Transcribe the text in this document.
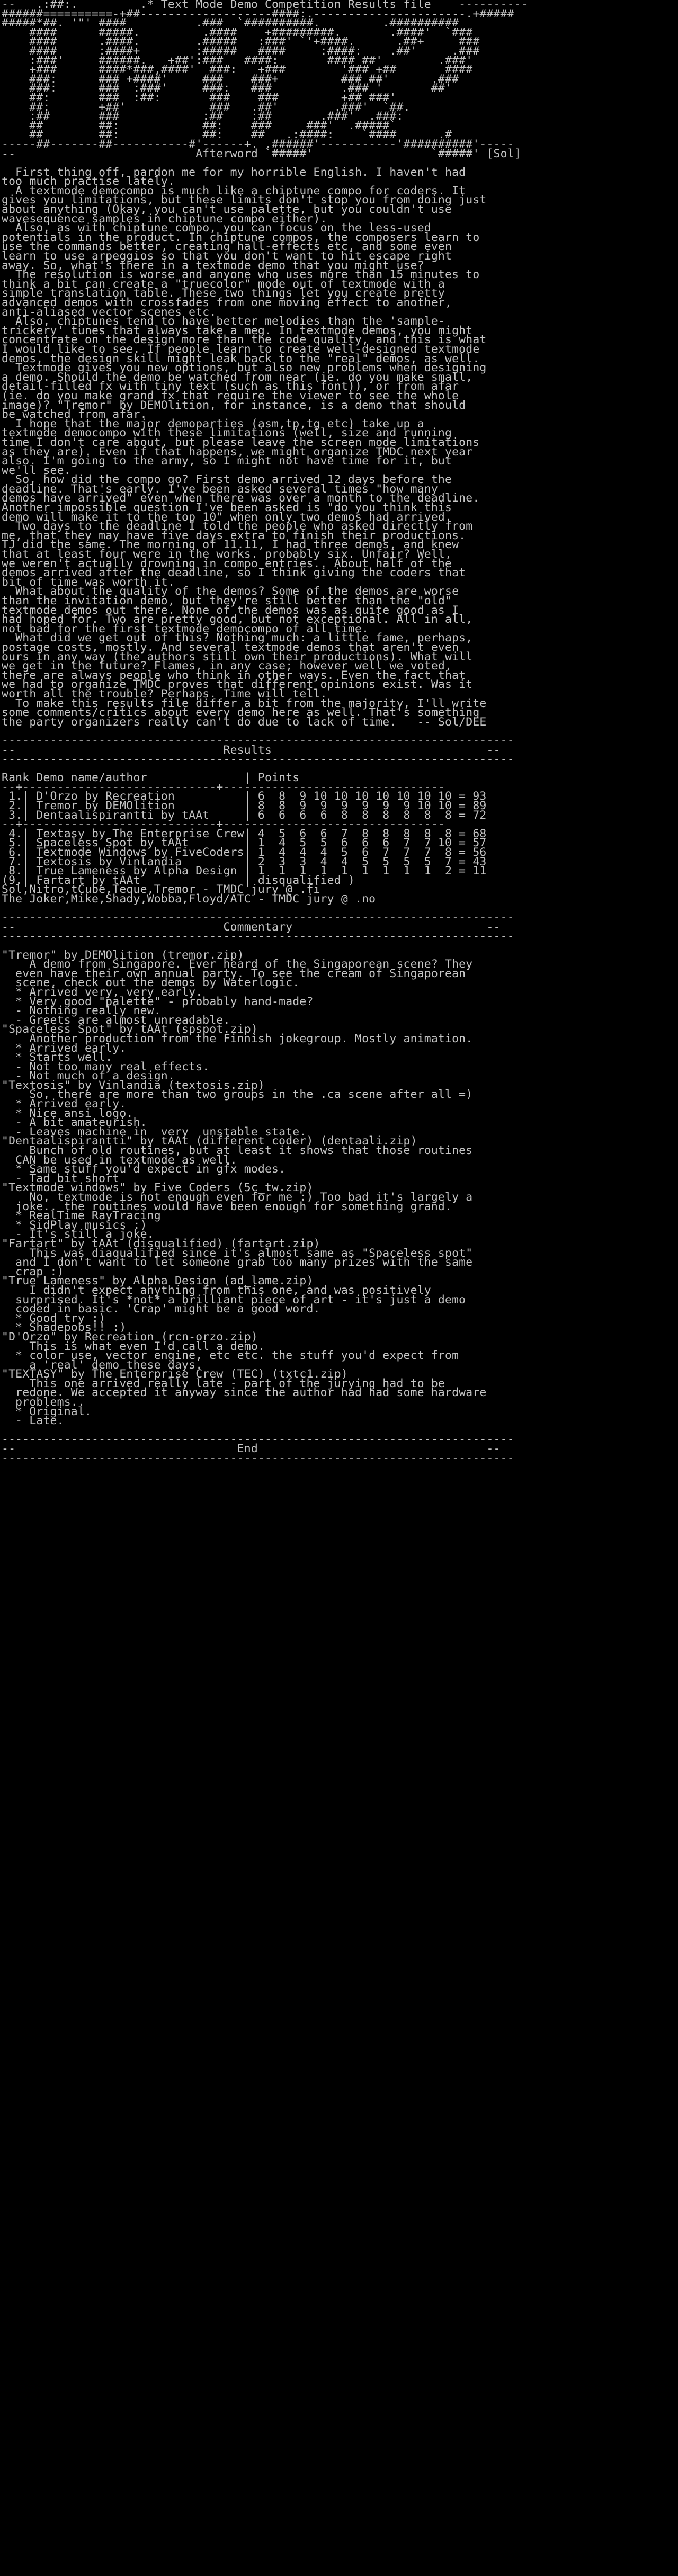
--   .:##:.         .* Text Mode Demo Competition Results file    ----------
######==========-+##-------------------####:.----------------------.+#####
#####*##. '"' ####          .###  `##########.         .##########
####      #####.         .####    +#########.       .####'  `###
####      .####.        .#####   :###' `'+####.      .##+     ###
####      :####+        :#####   ####     :####:    .##'     .###
:###'     ######.   +##':###   ####:       #### ##'        .###'
+###      ####*###,####'  ###:   +###        '### +##       ####
###:      ### +####'     ###    ###+         ### ##'      .###
###:      ###  :###'     ###:   ###          .### '       ##'
##:       ###  :##:       ###    ###         +## ###'
##:       +##'            ###   .##'        .###'  `##.
:##       ###            :##    :##       .###'  .###:
##        ##:            ##:    ###     ###'  .#####`
##        ##:            ##:    ##   .:####:    `####      .#
-----##-------##-----------#'------+. .######'-----------'##########'-----
--                          Afterword `#####'                 `#####' [Sol]

First thing off, pardon me for my horrible English. I haven't had
too much practise lately.
A textmode democompo is much like a chiptune compo for coders. It
gives you limitations, but these limits don't stop you from doing just
about anything (Okay, you can't use palette, but you couldn't use
wavesequence samples in chiptune compo either).
Also, as with chiptune compo, you can focus on the less-used
potentials in the product. In chiptune compos, the composers learn to
use the commands better, creating hall-effects etc, and some even
learn to use arpeggios so that you don't want to hit escape right
away. So, what's there in a textmode demo that you might use?
The resolution is worse and anyone who uses more than 15 minutes to
think a bit can create a "truecolor" mode out of textmode with a
simple translation table. These two things let you create pretty
advanced demos with crossfades from one moving effect to another,
anti-aliased vector scenes etc.
Also, chiptunes tend to have better melodies than the 'sample-
trickery' tunes that always take a meg. In textmode demos, you might
concentrate on the design more than the code quality, and this is what
I would like to see. If people learn to create well-designed textmode
demos, the design skill might leak back to the "real" demos, as well.
Textmode gives you new options, but also new problems when designing
a demo. Should the demo be watched from near (ie. do you make small,
detail-filled fx with tiny text (such as this font)), or from afar
(ie. do you make grand fx that require the viewer to see the whole
image)? "Tremor" by DEMOlition, for instance, is a demo that should
be watched from afar.
I hope that the major demoparties (asm,tp,tg etc) take up a
textmode democompo with these limitations (well, size and running
time I don't care about, but please leave the screen mode limitations
as they are). Even if that happens, we might organize TMDC next year
also. I'm going to the army, so I might not have time for it, but
we'll see.
So, how did the compo go? First demo arrived 12 days before the
deadline. That's early. I've been asked several times "how many
demos have arrived" even when there was over a month to the deadline.
Another impossible question I've been asked is "do you think this
demo will make it to the top 10" when only two demos had arrived.
Two days to the deadline I told the people who asked directly from
me, that they may have five days extra to finish their productions.
TJ did the same. The morning of 11.11, I had three demos, and knew
that at least four were in the works. probably six. Unfair? Well,
we weren't actually drowning in compo entries.. About half of the
demos arrived after the deadline, so I think giving the coders that
bit of time was worth it.
What about the quality of the demos? Some of the demos are worse
than the invitation demo, but they're still better than the "old"
textmode demos out there. None of the demos was as quite good as I
had hoped for. Two are pretty good, but not exceptional. All in all,
not bad for the first textmode democompo of all time.
What did we get out of this? Nothing much: a little fame, perhaps,
postage costs, mostly. And several textmode demos that aren't even
ours in any way (the authors still own their productions). What will
we get in the future? Flames, in any case; however well we voted,
there are always people who think in other ways. Even the fact that
we had to organize TMDC proves that different opinions exist. Was it
worth all the trouble? Perhaps. Time will tell.
To make this results file differ a bit from the majority, I'll write
some comments/critics about every demo here as well. That's something
the party organizers really can't do due to lack of time.   -- Sol/DEE

--------------------------------------------------------------------------
--                              Results                               --
--------------------------------------------------------------------------

Rank Demo name/author              | Points
--+----------------------------+--------------------------------
1.| D'Orzo by Recreation          | 6  8  9 10 10 10 10 10 10 10 = 93
2.| Tremor by DEMOlition          | 8  8  9  9  9  9  9  9 10 10 = 89
3.| Dentaalispirantti by tAAt     | 6  6  6  6  8  8  8  8  8  8 = 72
--+----------------------------+--------------------------------
4.| Textasy by The Enterprise Crew| 4  5  6  6  7  8  8  8  8  8 = 68
5.| Spaceless Spot by tAAt        | 1  4  5  5  6  6  6  7  7 10 = 57
6.| Textmode Windows by FiveCoders| 1  4  4  4  5  6  7  7  7  8 = 56
7.| Textosis by Vinlandia         | 2  3  3  4  4  5  5  5  5  7 = 43
8.| True Lameness by Alpha Design | 1  1  1  1  1  1  1  1  1  2 = 11
(9.| Fartart by tAAt               | disqualified )
Sol,Nitro,tCube,Teque,Tremor - TMDC jury @ .fi
The Joker,Mike,Shady,Wobba,Floyd/ATC - TMDC jury @ .no

--------------------------------------------------------------------------
--                              Commentary                            --
--------------------------------------------------------------------------

"Tremor" by DEMOlition (tremor.zip)
A demo from Singapore. Ever heard of the Singaporean scene? They
even have their own annual party. To see the cream of Singaporean
scene, check out the demos by Waterlogic.
* Arrived very, very early.
* Very good "palette" - probably hand-made?
- Nothing really new.
- Greets are almost unreadable.
"Spaceless Spot" by tAAt (spspot.zip)
Another production from the Finnish jokegroup. Mostly animation.
* Arrived early.
* Starts well.
- Not too many real effects.
- Not much of a design.
"Textosis" by Vinlandia (textosis.zip)
So, there are more than two groups in the .ca scene after all =)
* Arrived early.
* Nice ansi logo.
- A bit amateurish.
- Leaves machine in _very_ unstable state.
"Dentaalispirantti" by tAAt (different coder) (dentaali.zip)
Bunch of old routines, but at least it shows that those routines
CAN be used in textmode as well.
* Same stuff you'd expect in gfx modes.
- Tad bit short
"Textmode windows" by Five Coders (5c_tw.zip)
No, textmode is not enough even for me :) Too bad it's largely a
joke.. the routines would have been enough for something grand.
* RealTime RayTracing
* SidPlay musics :)
- It's still a joke.
"Fartart" by tAAt (disqualified) (fartart.zip)
This was diaqualified since it's almost same as "Spaceless spot"
and I don't want to let someone grab too many prizes with the same
crap :)
"True Lameness" by Alpha Design (ad_lame.zip)
I didn't expect anything from this one, and was positively
surprised. It's *not* a brilliant piece of art - it's just a demo
coded in basic. 'Crap' might be a good word.
* Good try :)
* Shadepobs!! :)
"D'Orzo" by Recreation (rcn-orzo.zip)
This is what even I'd call a demo.
* color use, vector engine, etc etc. the stuff you'd expect from
a 'real' demo these days.
"TEXTASY" by The Enterprise Crew (TEC) (txtc1.zip)
This one arrived really late - part of the jurying had to be
redone. We accepted it anyway since the author had had some hardware
problems..
* Original.
- Late.

--------------------------------------------------------------------------
--                                End                                 --
--------------------------------------------------------------------------
